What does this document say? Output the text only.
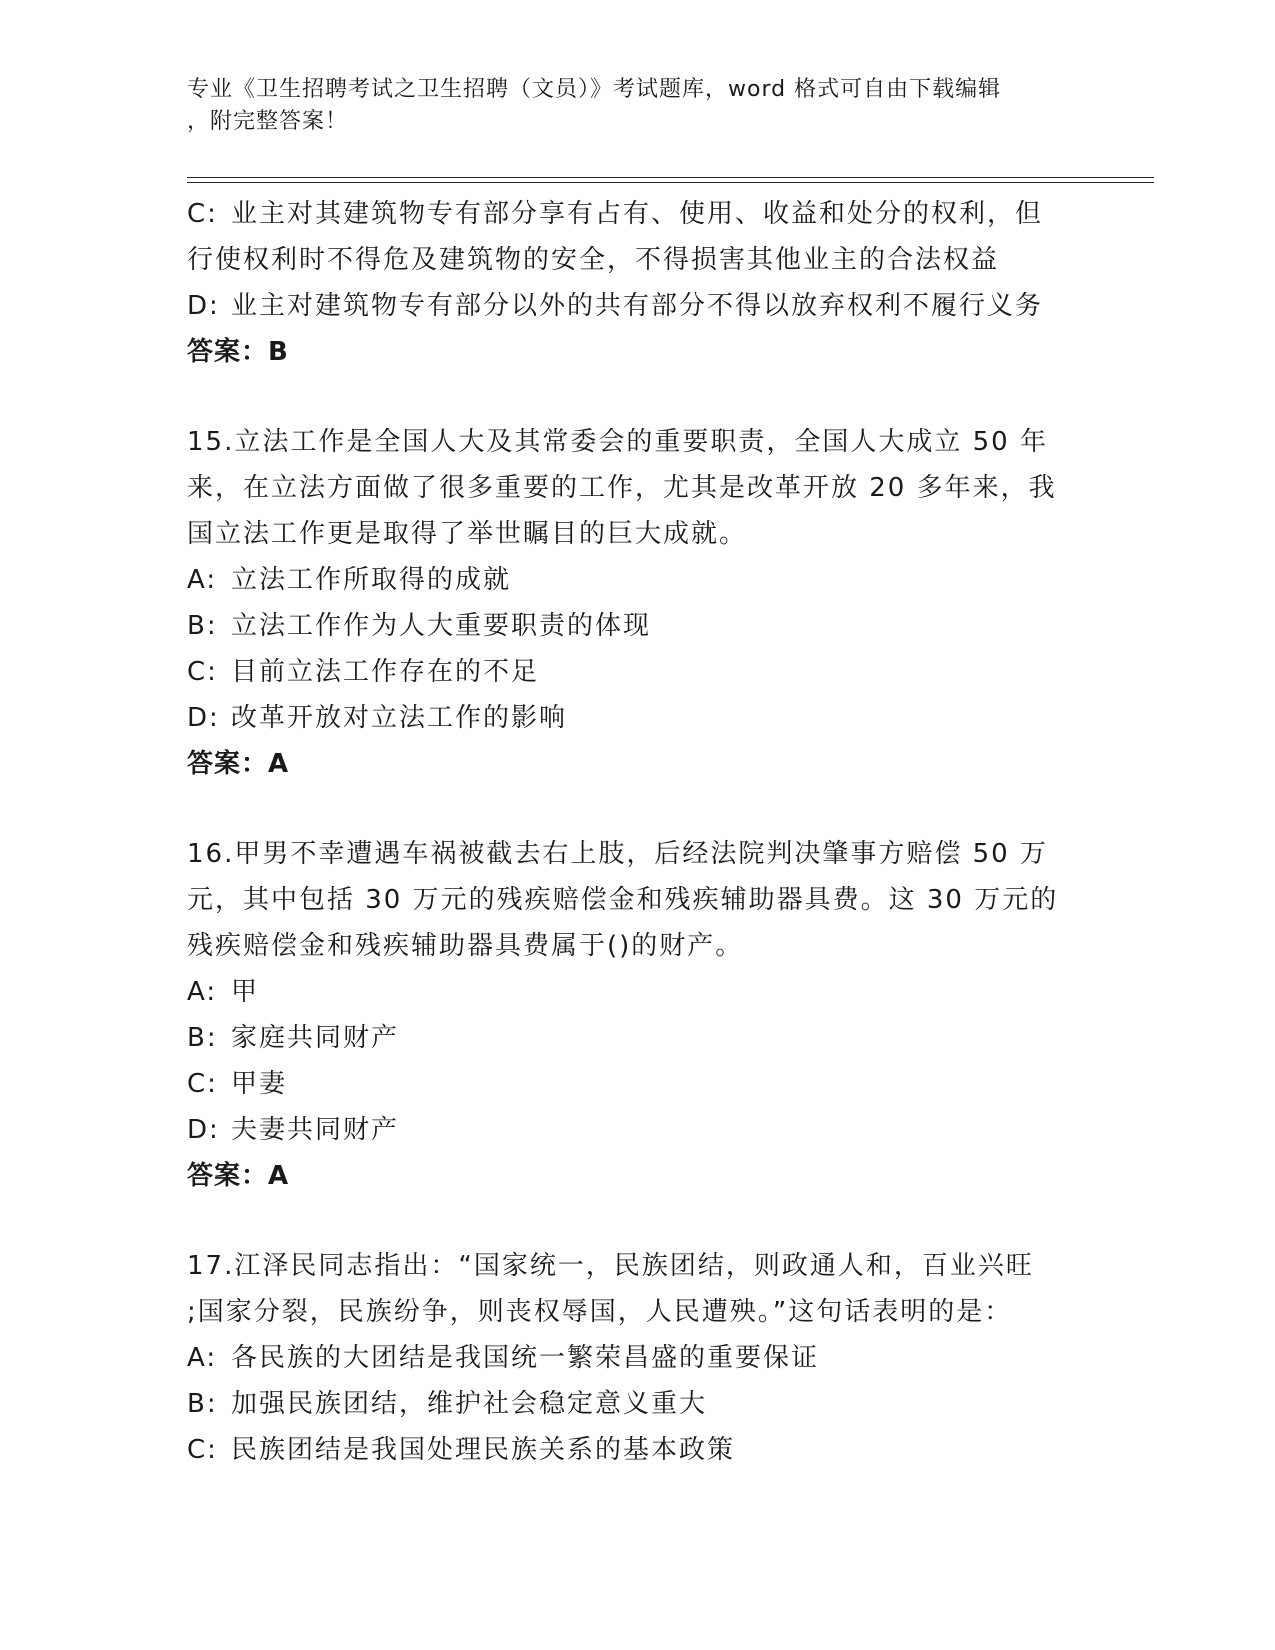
专业《卫生招聘考试之卫生招聘（文员）》考试题库，word 格式可自由下载编辑
，附完整答案！
C: 业主对其建筑物专有部分享有占有、使用、收益和处分的权利，但
行使权利时不得危及建筑物的安全，不得损害其他业主的合法权益
D: 业主对建筑物专有部分以外的共有部分不得以放弃权利不履行义务
答案：B
15.立法工作是全国人大及其常委会的重要职责，全国人大成立 50 年
来，在立法方面做了很多重要的工作，尤其是改革开放 20 多年来，我
国立法工作更是取得了举世瞩目的巨大成就。
A: 立法工作所取得的成就
B: 立法工作作为人大重要职责的体现
C: 目前立法工作存在的不足
D: 改革开放对立法工作的影响
答案：A
16.甲男不幸遭遇车祸被截去右上肢，后经法院判决肇事方赔偿 50 万
元，其中包括 30 万元的残疾赔偿金和残疾辅助器具费。这 30 万元的
残疾赔偿金和残疾辅助器具费属于()的财产。
A: 甲
B: 家庭共同财产
C: 甲妻
D: 夫妻共同财产
答案：A
17.江泽民同志指出：“国家统一，民族团结，则政通人和，百业兴旺
;国家分裂，民族纷争，则丧权辱国，人民遭殃。”这句话表明的是：
A: 各民族的大团结是我国统一繁荣昌盛的重要保证
B: 加强民族团结，维护社会稳定意义重大
C: 民族团结是我国处理民族关系的基本政策
